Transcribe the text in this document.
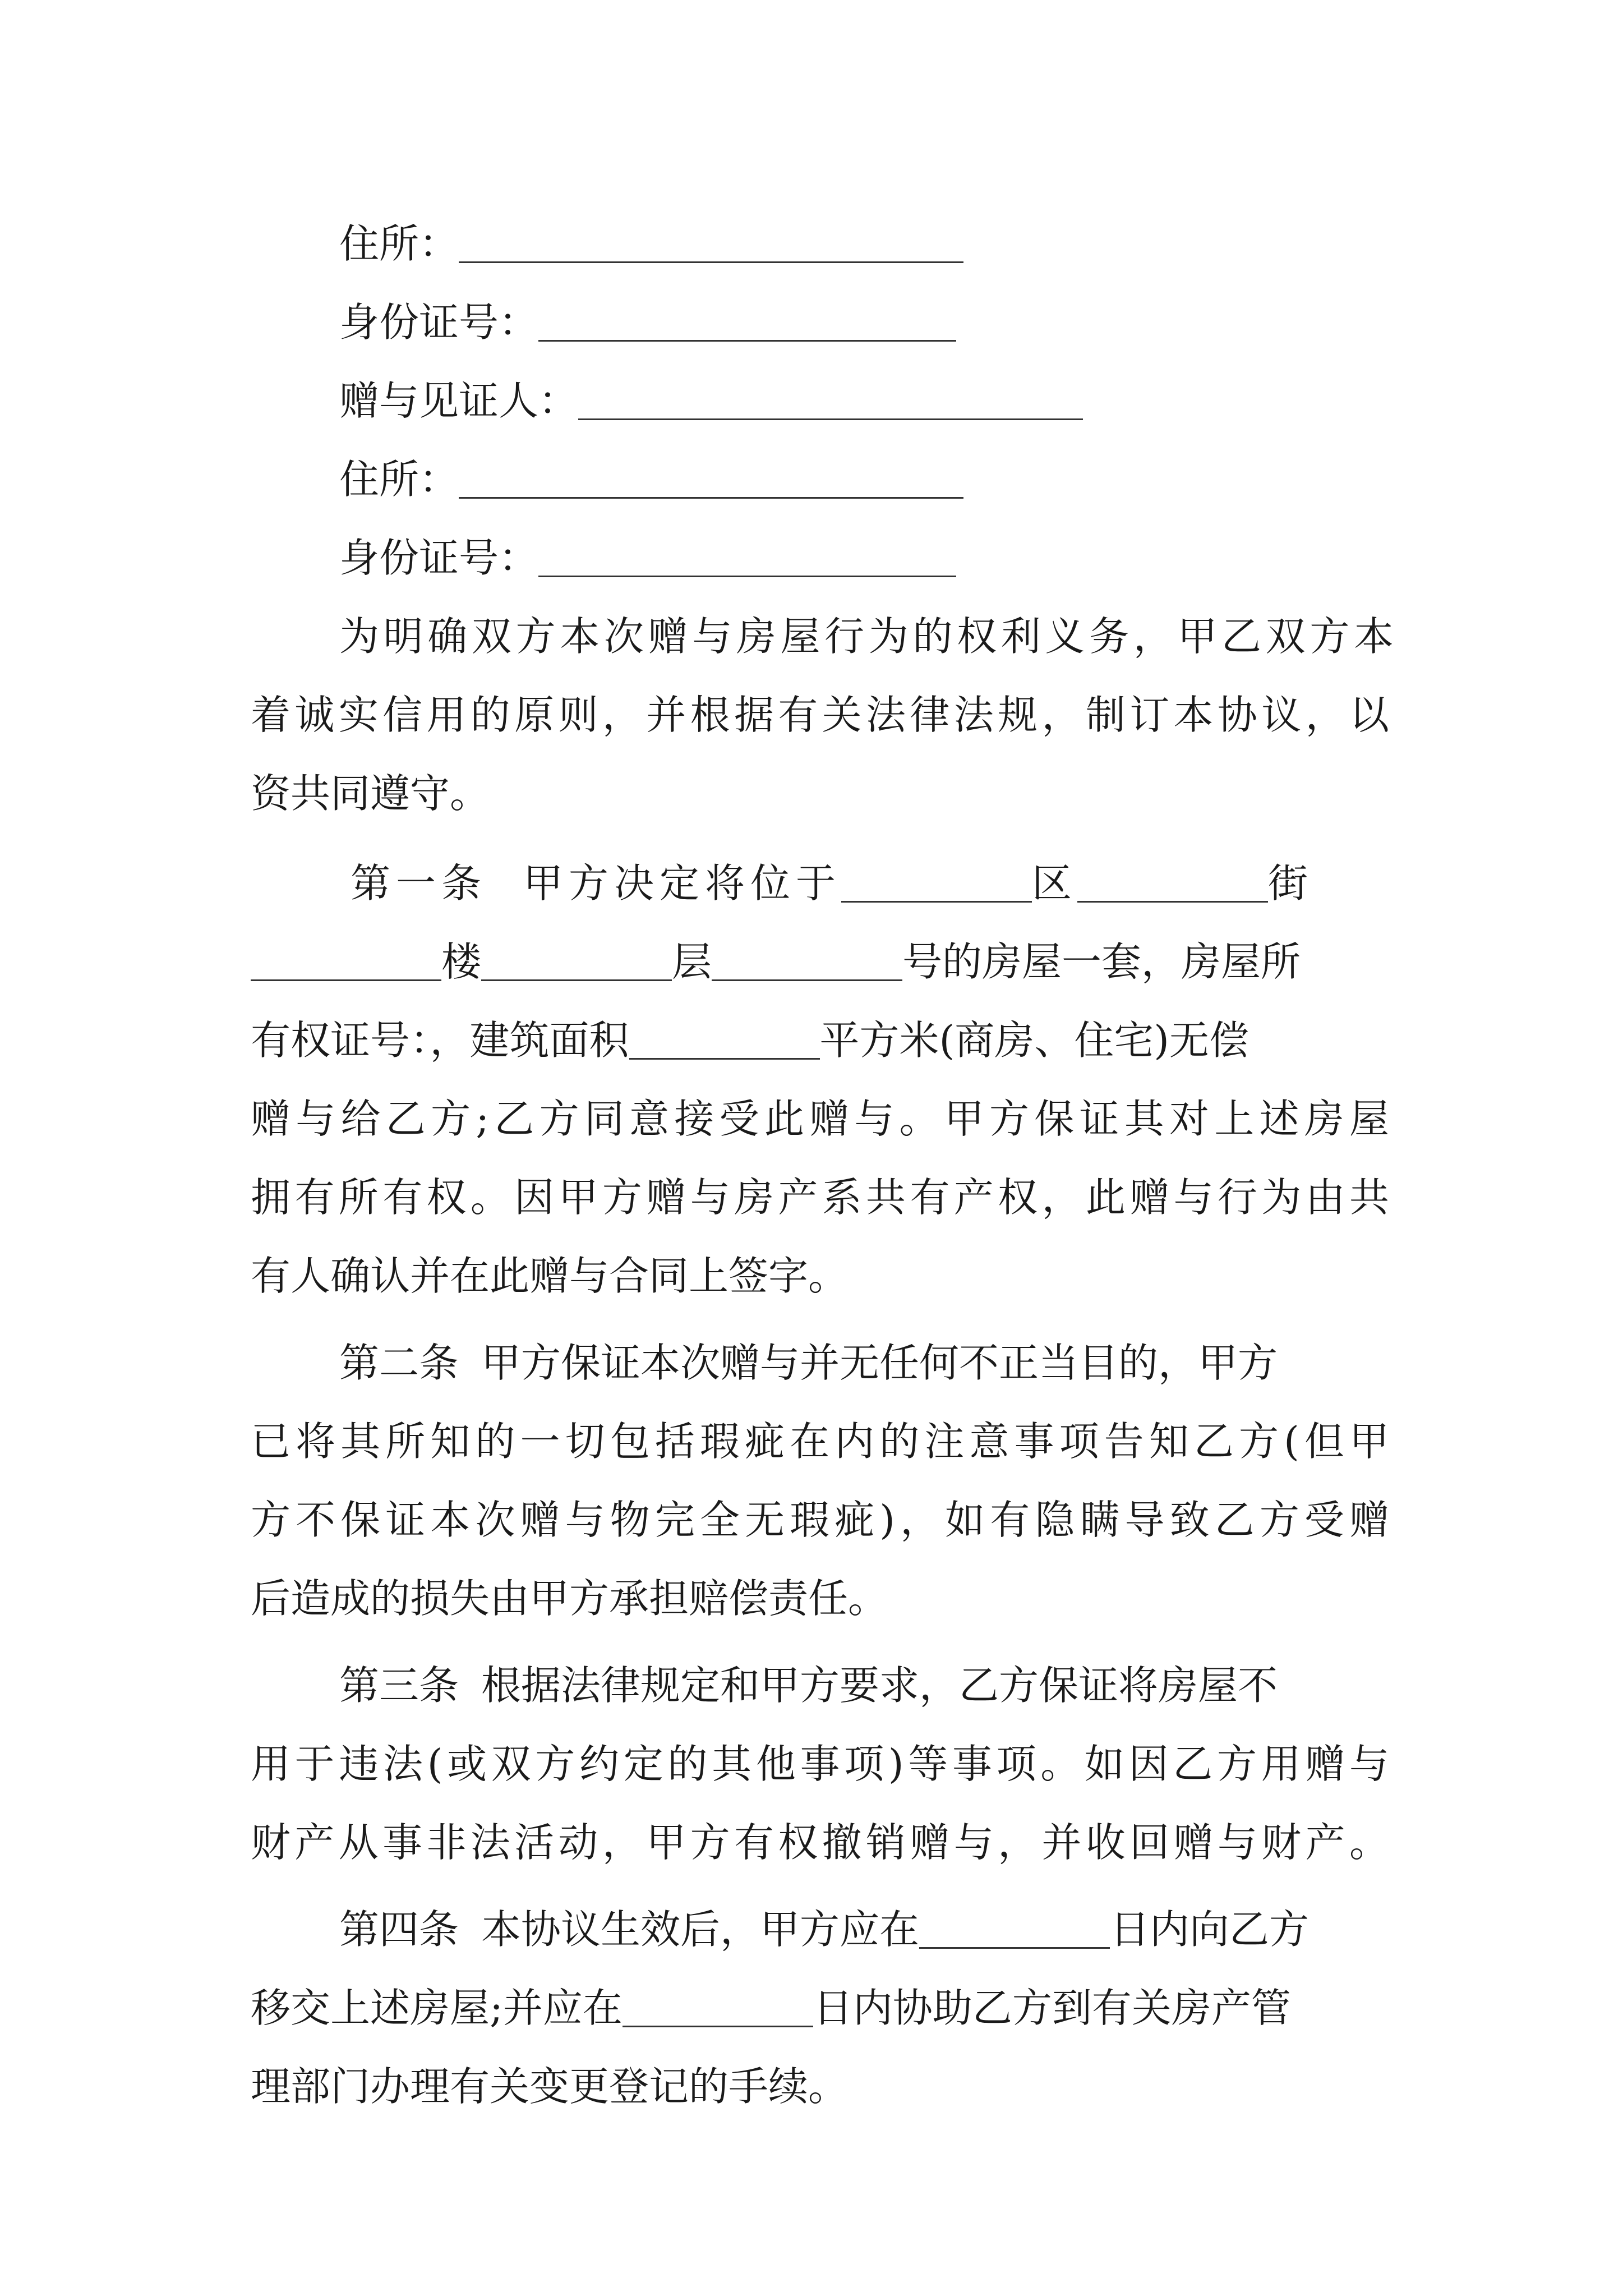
住所：
身份证号：
赠与见证人：
住所：
身份证号：
为明确双方本次赠与房屋行为的权利义务，甲乙双方本
着诚实信用的原则，并根据有关法律法规，制订本协议，以
资共同遵守。
第一条 甲方决定将位于	区	街
楼	层	号的房屋一套，房屋所
有权证号：，建筑面积	平方米(商房、住宅)无偿
赠与给乙方;乙方同意接受此赠与。甲方保证其对上述房屋
拥有所有权。因甲方赠与房产系共有产权，此赠与行为由共
有人确认并在此赠与合同上签字。
第二条 甲方保证本次赠与并无任何不正当目的，甲方
已将其所知的一切包括瑕疵在内的注意事项告知乙方(但甲
方不保证本次赠与物完全无瑕疵)，如有隐瞒导致乙方受赠
后造成的损失由甲方承担赔偿责任。
第三条 根据法律规定和甲方要求，乙方保证将房屋不
用于违法(或双方约定的其他事项)等事项。如因乙方用赠与
财产从事非法活动，甲方有权撤销赠与，并收回赠与财产。
第四条 本协议生效后，甲方应在	日内向乙方
移交上述房屋;并应在	日内协助乙方到有关房产管
理部门办理有关变更登记的手续。
